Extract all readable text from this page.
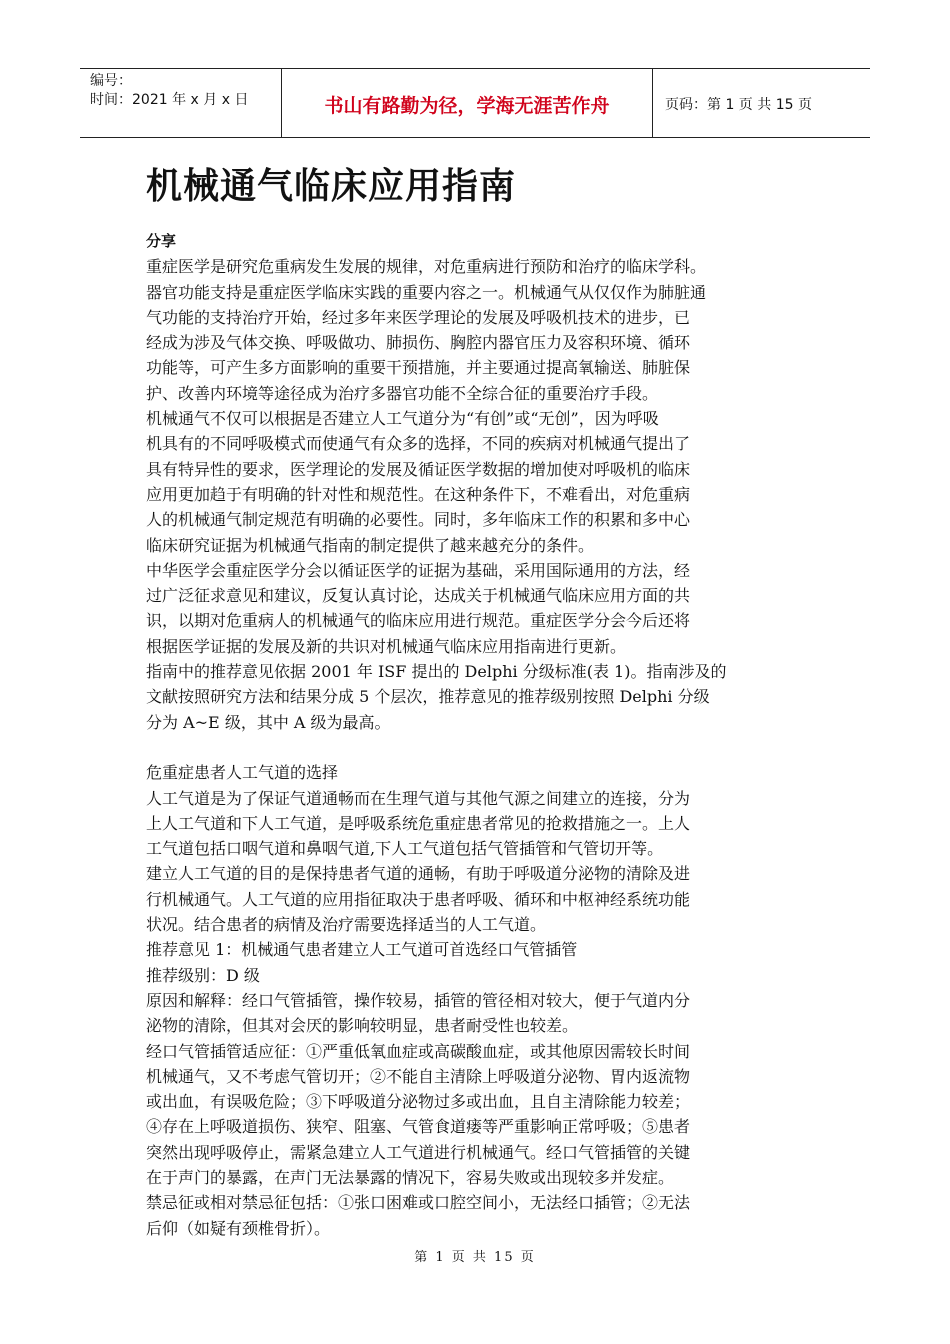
编号：
时间：2021 年 x 月 x 日	书山有路勤为径，学海无涯苦作舟	页码：第 1 页 共 15 页
机械通气临床应用指南
分享
重症医学是研究危重病发生发展的规律，对危重病进行预防和治疗的临床学科。
器官功能支持是重症医学临床实践的重要内容之一。机械通气从仅仅作为肺脏通
气功能的支持治疗开始，经过多年来医学理论的发展及呼吸机技术的进步，已
经成为涉及气体交换、呼吸做功、肺损伤、胸腔内器官压力及容积环境、循环
功能等，可产生多方面影响的重要干预措施，并主要通过提高氧输送、肺脏保
护、改善内环境等途径成为治疗多器官功能不全综合征的重要治疗手段。
机械通气不仅可以根据是否建立人工气道分为“有创”或“无创”，因为呼吸
机具有的不同呼吸模式而使通气有众多的选择，不同的疾病对机械通气提出了
具有特异性的要求，医学理论的发展及循证医学数据的增加使对呼吸机的临床
应用更加趋于有明确的针对性和规范性。在这种条件下，不难看出，对危重病
人的机械通气制定规范有明确的必要性。同时，多年临床工作的积累和多中心
临床研究证据为机械通气指南的制定提供了越来越充分的条件。
中华医学会重症医学分会以循证医学的证据为基础，采用国际通用的方法，经
过广泛征求意见和建议，反复认真讨论，达成关于机械通气临床应用方面的共
识，以期对危重病人的机械通气的临床应用进行规范。重症医学分会今后还将
根据医学证据的发展及新的共识对机械通气临床应用指南进行更新。
指南中的推荐意见依据 2001 年 ISF 提出的 Delphi 分级标准(表 1)。指南涉及的
文献按照研究方法和结果分成 5 个层次，推荐意见的推荐级别按照 Delphi 分级
分为 A~E 级，其中 A 级为最高。
危重症患者人工气道的选择
人工气道是为了保证气道通畅而在生理气道与其他气源之间建立的连接，分为
上人工气道和下人工气道，是呼吸系统危重症患者常见的抢救措施之一。上人
工气道包括口咽气道和鼻咽气道,下人工气道包括气管插管和气管切开等。
建立人工气道的目的是保持患者气道的通畅，有助于呼吸道分泌物的清除及进
行机械通气。人工气道的应用指征取决于患者呼吸、循环和中枢神经系统功能
状况。结合患者的病情及治疗需要选择适当的人工气道。
推荐意见 1：机械通气患者建立人工气道可首选经口气管插管
推荐级别：D 级
原因和解释：经口气管插管，操作较易，插管的管径相对较大，便于气道内分
泌物的清除，但其对会厌的影响较明显，患者耐受性也较差。
经口气管插管适应征：①严重低氧血症或高碳酸血症，或其他原因需较长时间
机械通气，又不考虑气管切开；②不能自主清除上呼吸道分泌物、胃内返流物
或出血，有误吸危险；③下呼吸道分泌物过多或出血，且自主清除能力较差；
④存在上呼吸道损伤、狭窄、阻塞、气管食道瘘等严重影响正常呼吸；⑤患者
突然出现呼吸停止，需紧急建立人工气道进行机械通气。经口气管插管的关键
在于声门的暴露，在声门无法暴露的情况下，容易失败或出现较多并发症。
禁忌征或相对禁忌征包括：①张口困难或口腔空间小，无法经口插管；②无法
后仰（如疑有颈椎骨折）。
第 1 页 共 15 页
